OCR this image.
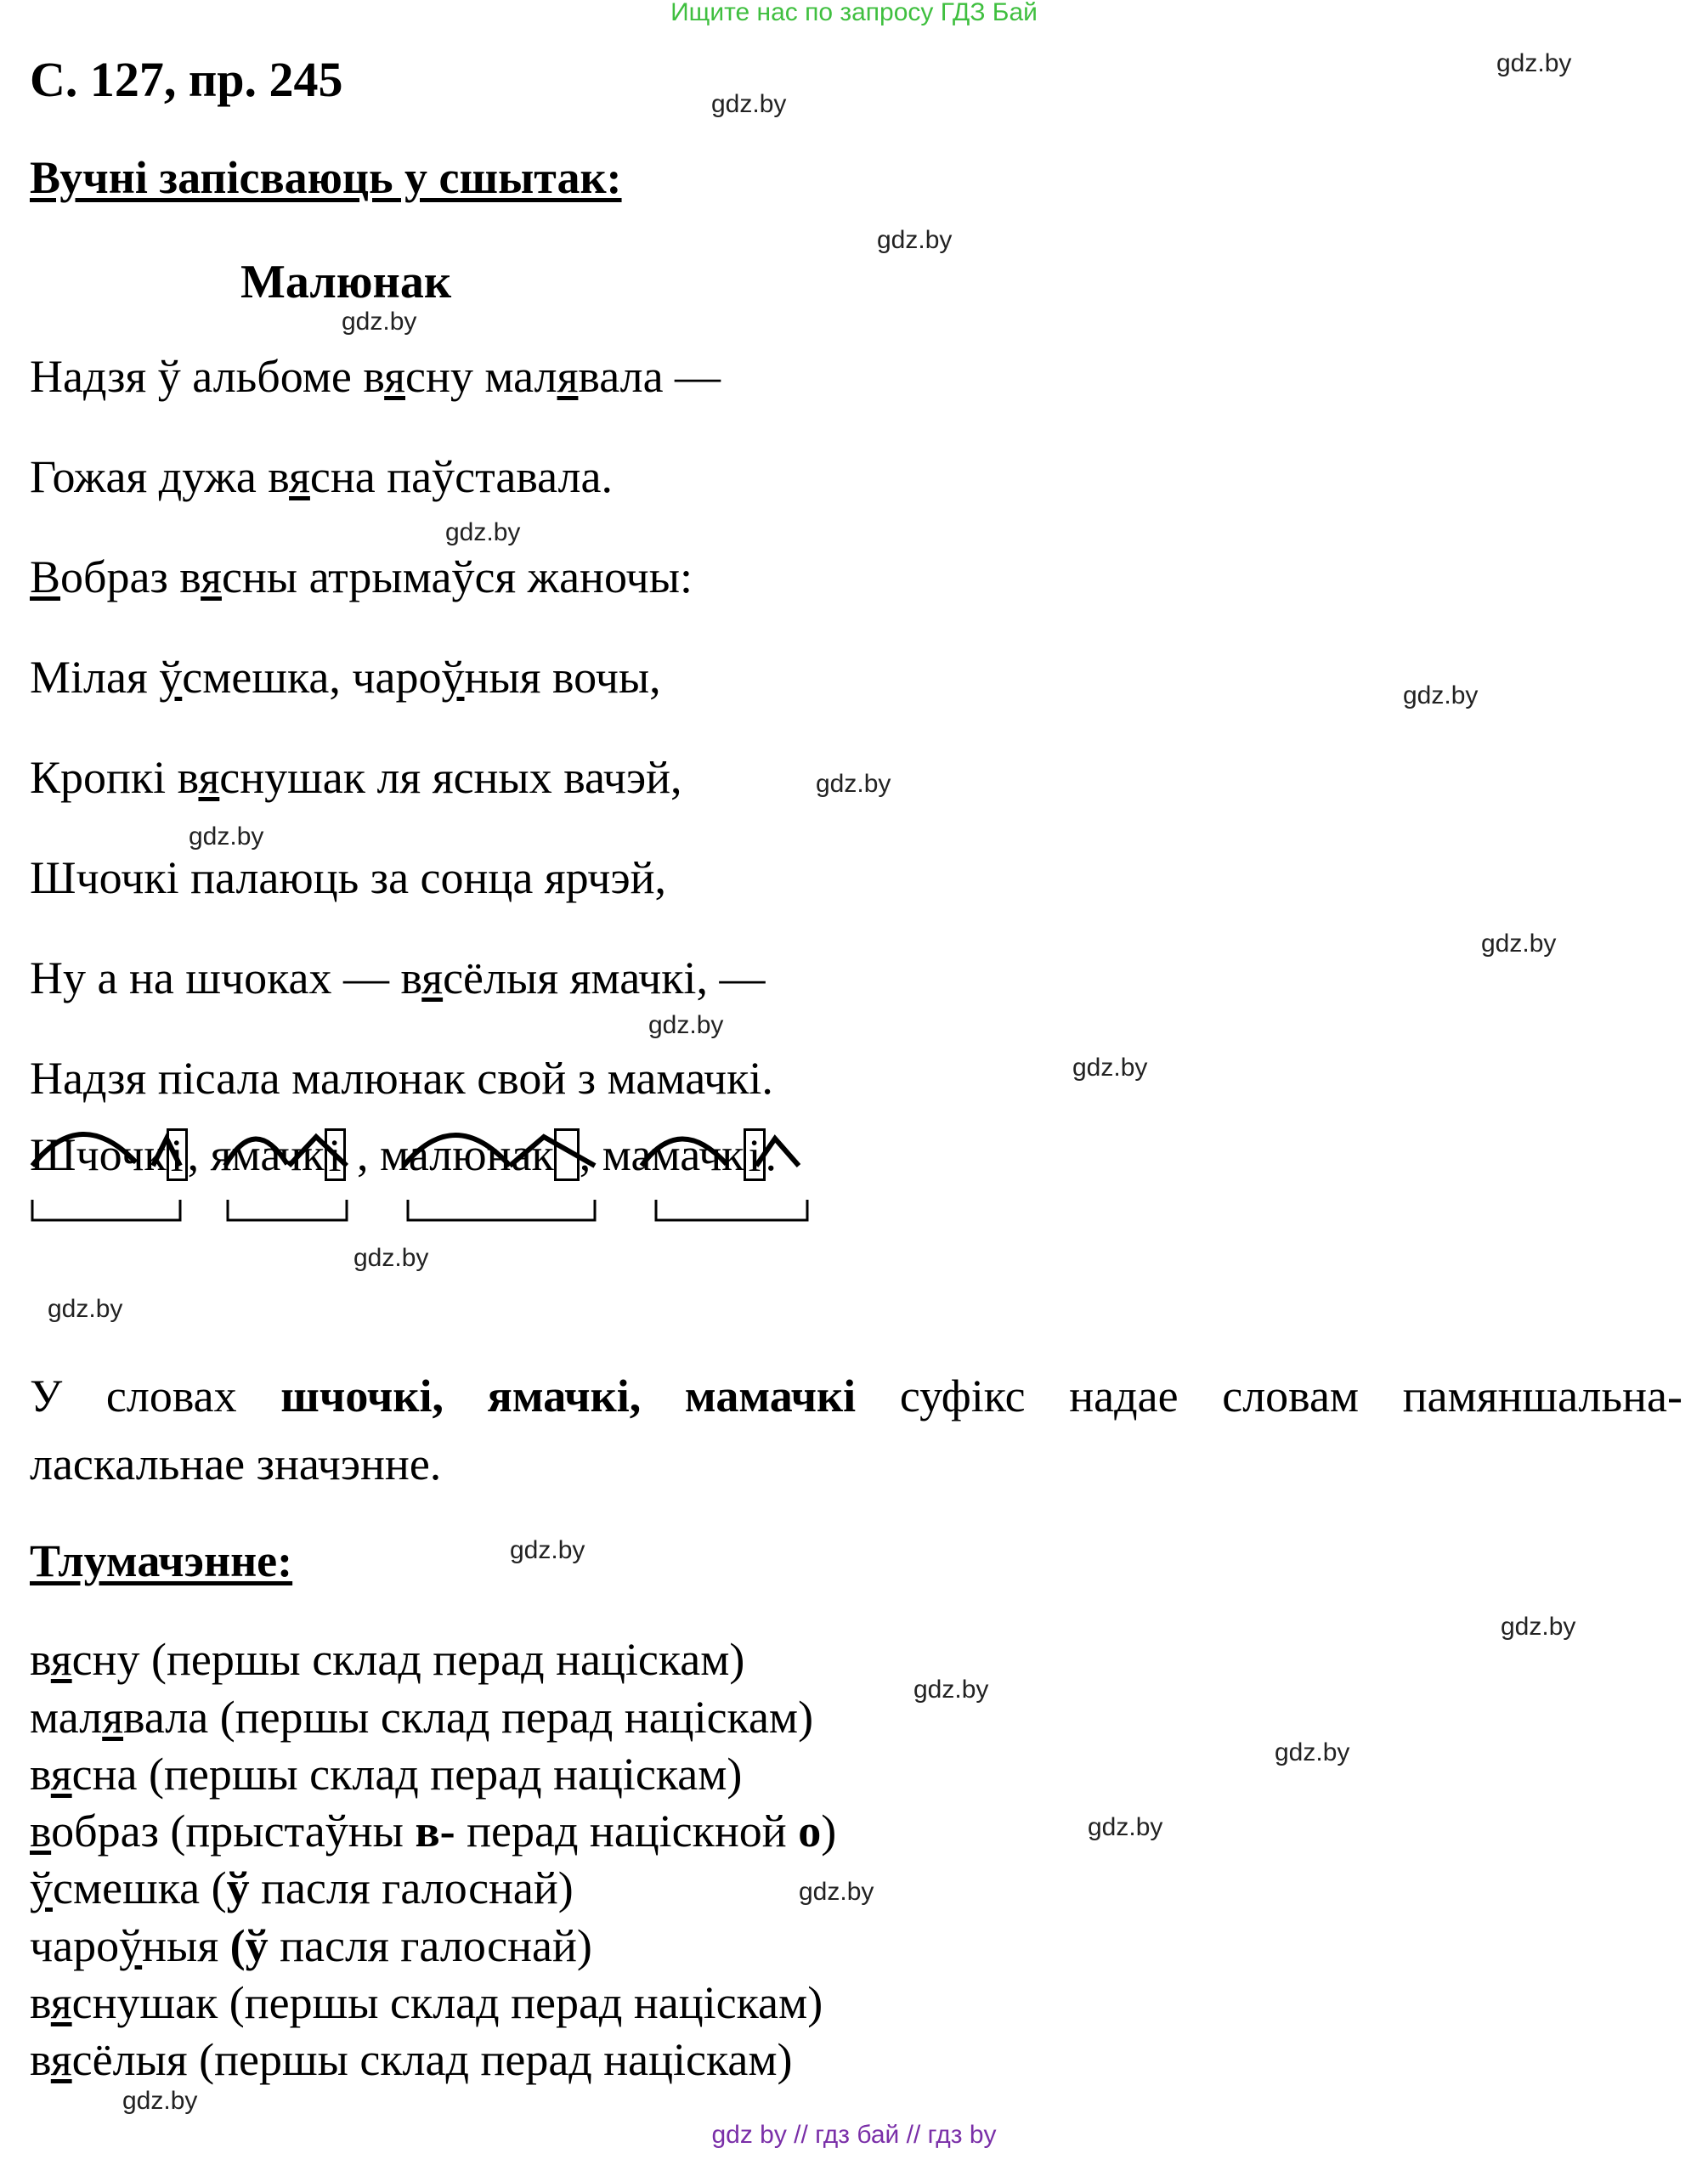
Ищите нас по запросу ГДЗ Бай
С. 127, пр. 245
Вучні запісваюць у сшытак:
Малюнак
Надзя ў альбоме вясну малявала —
Гожая дужа вясна паўставала.
Вобраз вясны атрымаўся жаночы:
Мілая ўсмешка, чароўныя вочы,
Кропкі вяснушак ля ясных вачэй,
Шчочкі палаюць за сонца ярчэй,
Ну а на шчоках — вясёлыя ямачкі, —
Надзя пісала малюнак свой з мамачкі.
Шчочкі, ямачкі , малюнак , мамачкі.
У словах шчочкі, ямачкі, мамачкі суфікс надае словам памяншальна-
ласкальнае значэнне.
Тлумачэнне:
вясну (першы склад перад націскам)
малявала (першы склад перад націскам)
вясна (першы склад перад націскам)
вобраз (прыстаўны в- перад націскной о)
ўсмешка (ў пасля галоснай)
чароўныя (ў пасля галоснай)
вяснушак (першы склад перад націскам)
вясёлыя (першы склад перад націскам)
gdz.by
gdz.by
gdz.by
gdz.by
gdz.by
gdz.by
gdz.by
gdz.by
gdz.by
gdz.by
gdz.by
gdz.by
gdz.by
gdz.by
gdz.by
gdz.by
gdz.by
gdz.by
gdz.by
gdz.by
gdz by // гдз бай // гдз by
